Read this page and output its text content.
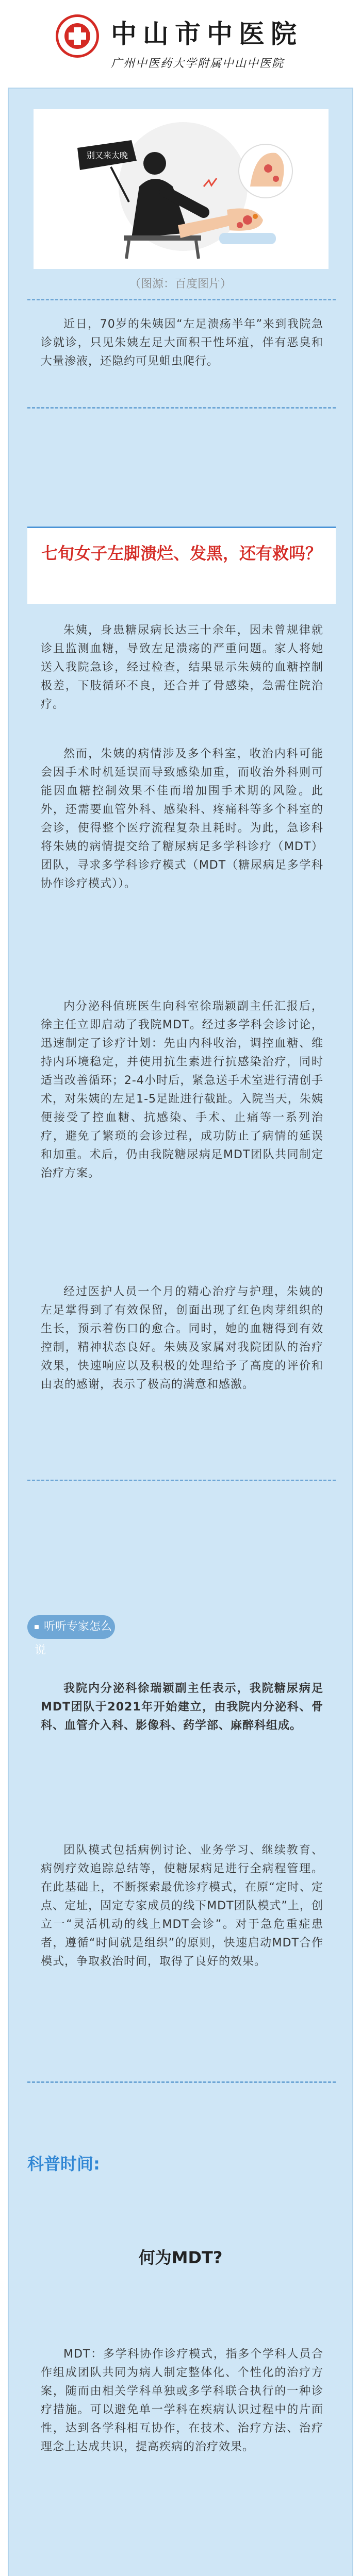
中山市中医院
广州中医药大学附属中山中医院
别又来太晚
（图源：百度图片）
近日，70岁的朱姨因“左足溃疡半年”来到我院急诊就诊，只见朱姨左足大面积干性坏疽，伴有恶臭和大量渗液，还隐约可见蛆虫爬行。
七旬女子左脚溃烂、发黑，还有救吗？
朱姨，身患糖尿病长达三十余年，因未曾规律就诊且监测血糖，导致左足溃疡的严重问题。家人将她送入我院急诊，经过检查，结果显示朱姨的血糖控制极差，下肢循环不良，还合并了骨感染，急需住院治疗。
然而，朱姨的病情涉及多个科室，收治内科可能会因手术时机延误而导致感染加重，而收治外科则可能因血糖控制效果不佳而增加围手术期的风险。此外，还需要血管外科、感染科、疼痛科等多个科室的会诊，使得整个医疗流程复杂且耗时。为此，急诊科将朱姨的病情提交给了糖尿病足多学科诊疗（MDT）团队，寻求多学科诊疗模式（MDT（糖尿病足多学科协作诊疗模式））。
内分泌科值班医生向科室徐瑞颖副主任汇报后，徐主任立即启动了我院MDT。经过多学科会诊讨论，迅速制定了诊疗计划：先由内科收治，调控血糖、维持内环境稳定，并使用抗生素进行抗感染治疗，同时适当改善循环；2-4小时后，紧急送手术室进行清创手术，对朱姨的左足1-5足趾进行截趾。入院当天，朱姨便接受了控血糖、抗感染、手术、止痛等一系列治疗，避免了繁琐的会诊过程，成功防止了病情的延误和加重。术后，仍由我院糖尿病足MDT团队共同制定治疗方案。
经过医护人员一个月的精心治疗与护理，朱姨的左足掌得到了有效保留，创面出现了红色肉芽组织的生长，预示着伤口的愈合。同时，她的血糖得到有效控制，精神状态良好。朱姨及家属对我院团队的治疗效果，快速响应以及积极的处理给予了高度的评价和由衷的感谢，表示了极高的满意和感激。
听听专家怎么说
我院内分泌科徐瑞颖副主任表示，我院糖尿病足MDT团队于2021年开始建立，由我院内分泌科、骨科、血管介入科、影像科、药学部、麻醉科组成。
团队模式包括病例讨论、业务学习、继续教育、病例疗效追踪总结等，使糖尿病足进行全病程管理。在此基础上，不断探索最优诊疗模式，在原“定时、定点、定址，固定专家成员的线下MDT团队模式”上，创立一“灵活机动的线上MDT会诊”。对于急危重症患者，遵循“时间就是组织”的原则，快速启动MDT合作模式，争取救治时间，取得了良好的效果。
科普时间:
何为MDT?
MDT：多学科协作诊疗模式，指多个学科人员合作组成团队共同为病人制定整体化、个性化的治疗方案，随而由相关学科单独或多学科联合执行的一种诊疗措施。可以避免单一学科在疾病认识过程中的片面性，达到各学科相互协作，在技术、治疗方法、治疗理念上达成共识，提高疾病的治疗效果。
